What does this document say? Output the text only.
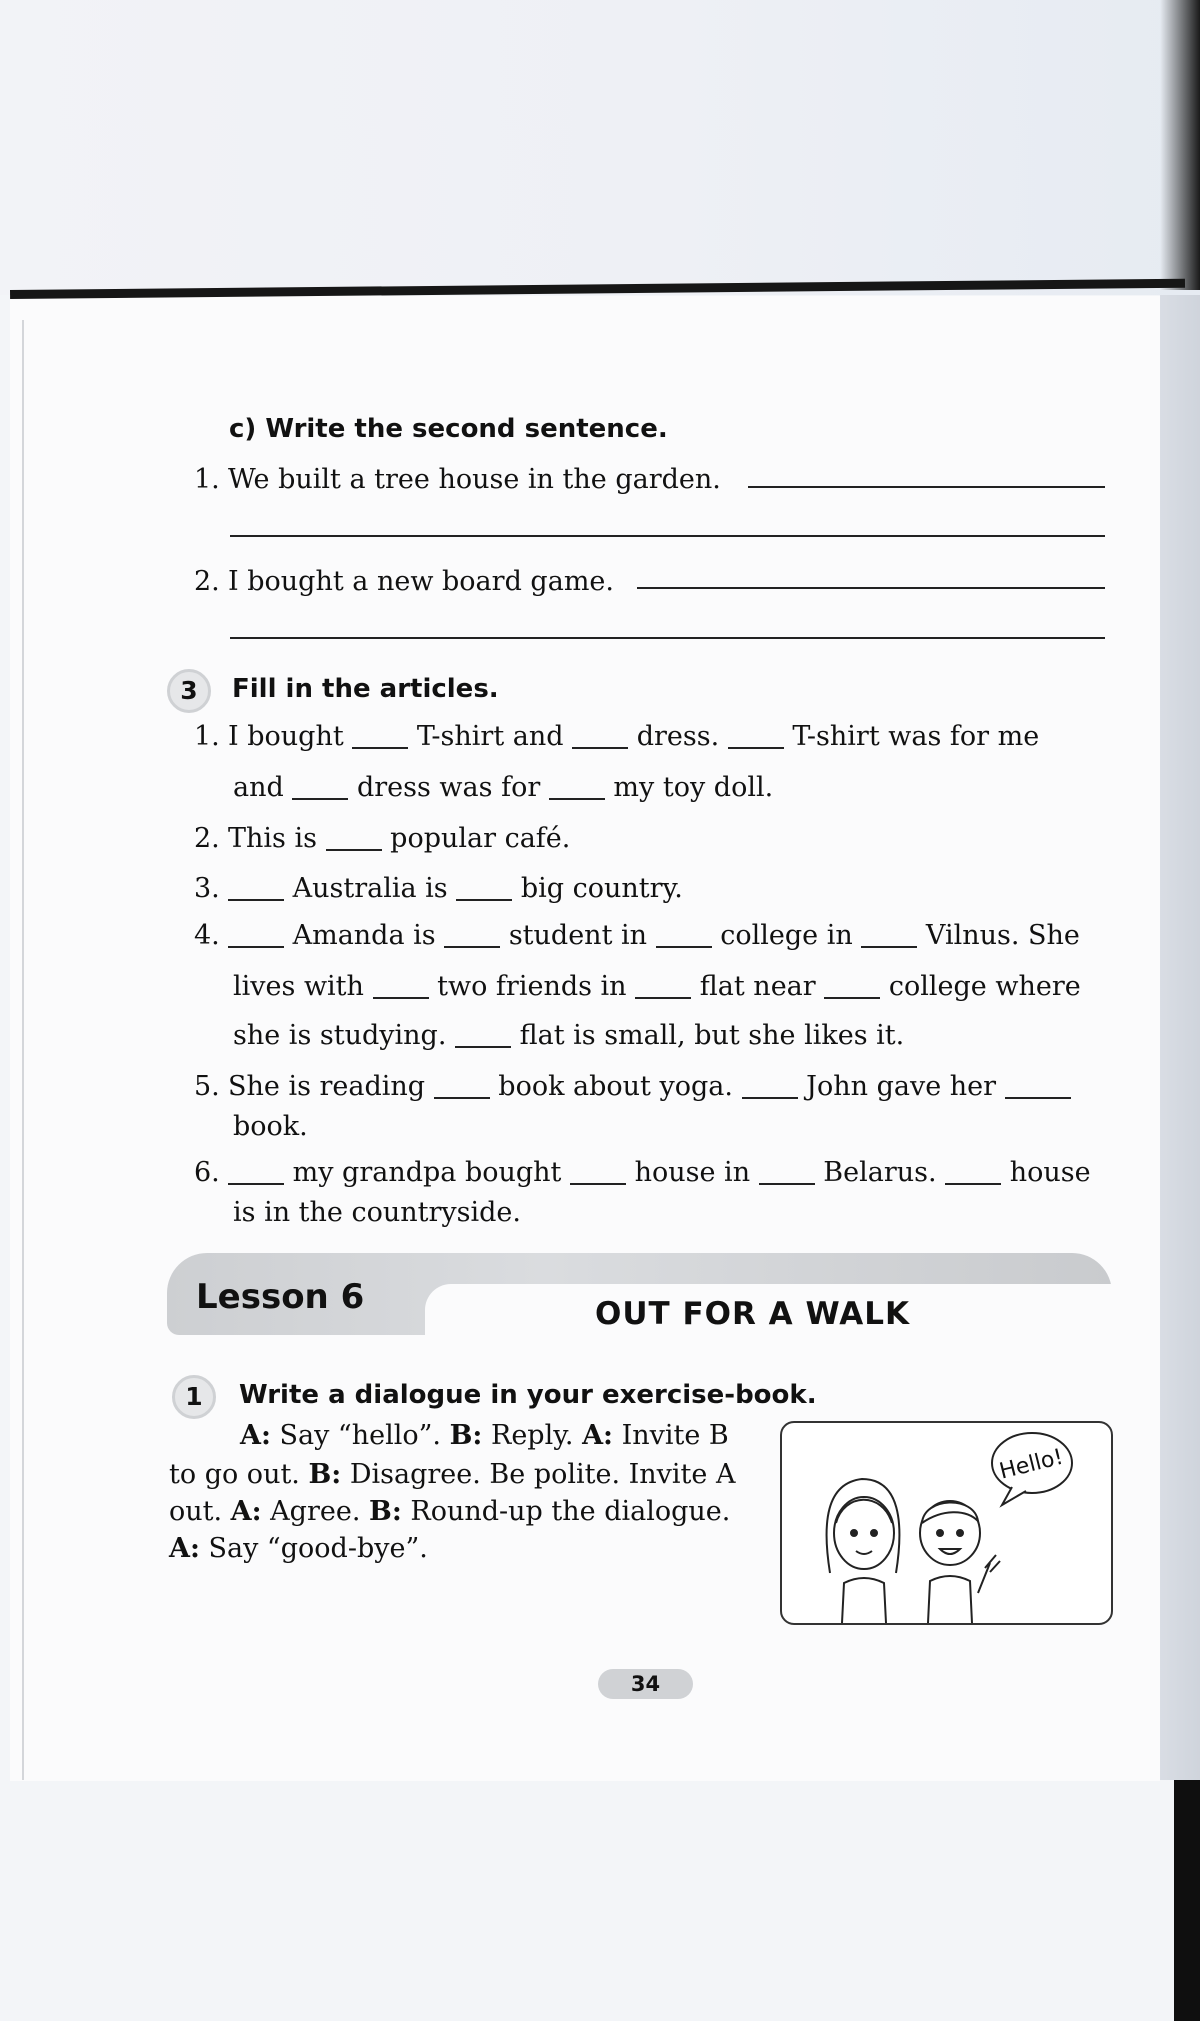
c) Write the second sentence.
1. We built a tree house in the garden.
2. I bought a new board game.
3	Fill in the articles.
1. I bought	T-shirt and	dress.	T-shirt was for me
and	dress was for	my toy doll.
2. This is	popular café.
3.	Australia is	big country.
4.	Amanda is	student in	college in	Vilnus. She
lives with	two friends in	flat near	college where
she is studying.	flat is small, but she likes it.
5. She is reading	book about yoga.	John gave her
book.
6.	my grandpa bought	house in	Belarus.	house
is in the countryside.
Lesson 6	OUT FOR A WALK
1	Write a dialogue in your exercise-book.
A: Say “hello”. B: Reply. A: Invite B
to go out. B: Disagree. Be polite. Invite A
out. A: Agree. B: Round-up the dialogue.
A: Say “good-bye”.
Hello!
34
